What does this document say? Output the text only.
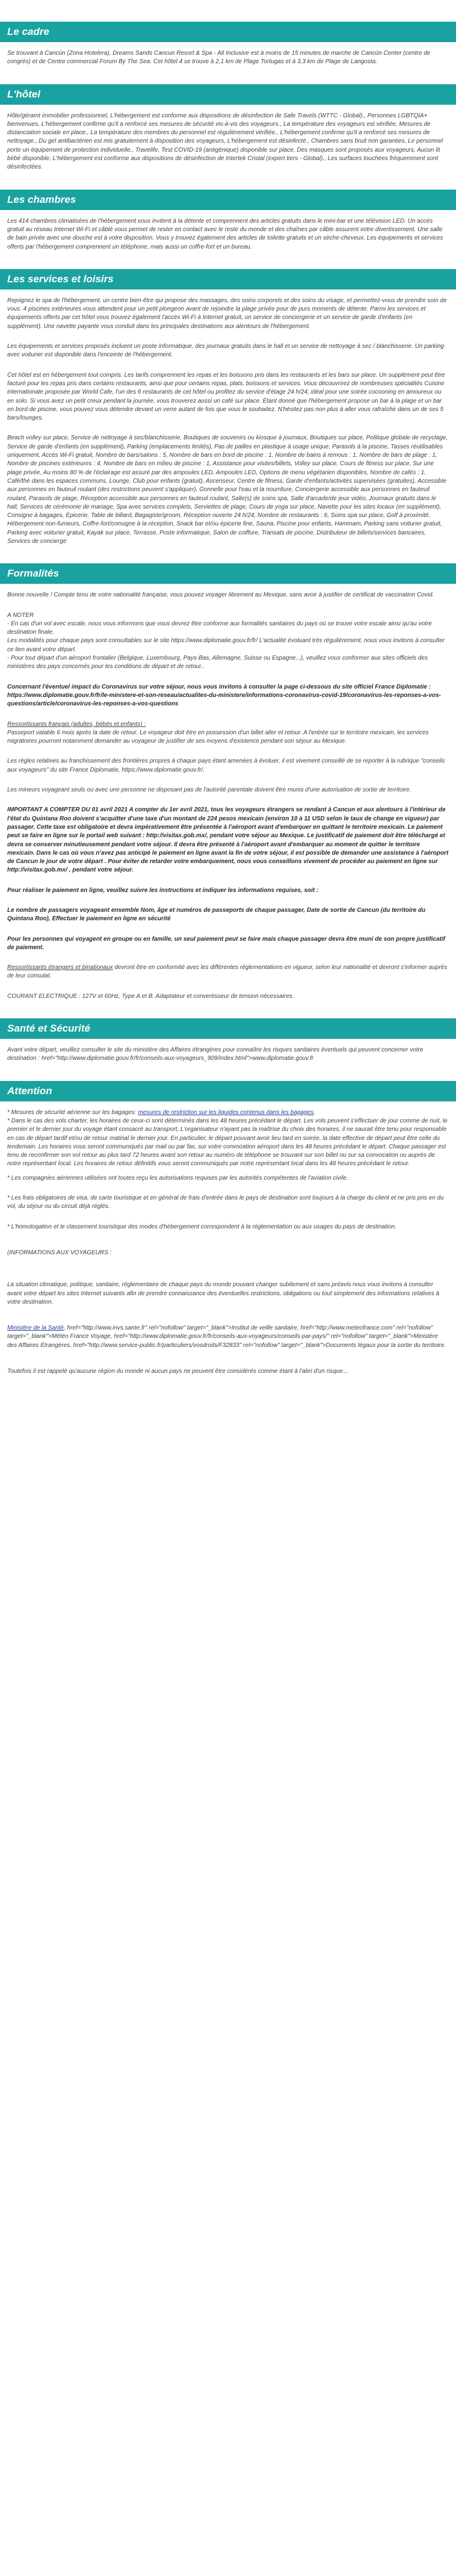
Le cadre
Se trouvant à Cancún (Zona Hotelera), Dreams Sands Cancun Resort & Spa - All Inclusive est à moins de 15 minutes de marche de Cancún Center (centre de congrès) et de Centre commercial Forum By The Sea. Cet hôtel 4 se trouve à 2,1 km de Plage Tortugas et à 3,3 km de Plage de Langosta.
L'hôtel
Hôte/géramt immobilier professionnel, L'hébergement est conforme aux dispositions de désinfection de Safe Travels (WTTC - Global)., Personnes LGBTQIA+ bienvenues, L'hébergement confirme qu'il a renforcé ses mesures de sécurité vis-à-vis des voyageurs., La température des voyageurs est vérifiée, Mesures de distanciation sociale en place., La température des membres du personnel est régulièrement vérifiée., L'hébergement confirme qu'il a renforcé ses mesures de nettoyage., Du gel antibactérien est mis gratuitement à disposition des voyageurs, L'hébergement est désinfecté., Chambres sans bruit non garanties, Le personnel porte un équipement de protection individuelle., Travelife, Test COVID-19 (antigénique) disponible sur place, Des masques sont proposés aux voyageurs, Aucun lit bébé disponible, L'hébergement est conforme aux dispositions de désinfection de Intertek Cristal (expert tiers - Global)., Les surfaces touchées fréquemment sont désinfectées.
Les chambres
Les 414 chambres climatisées de l'hébergement vous invitent à la détente et comprennent des articles gratuits dans le mini-bar et une télévision LED. Un accès gratuit au réseau Internet Wi-Fi et câblé vous permet de rester en contact avec le reste du monde et des chaînes par câble assurent votre divertissement. Une salle de bain privée avec une douche est à votre disposition. Vous y trouvez également des articles de toilette gratuits et un sèche-cheveux. Les équipements et services offerts par l'hébergement comprennent un téléphone, mais aussi un coffre-fort et un bureau.
Les services et loisirs
Rejoignez le spa de l'hébergement, un centre bien-être qui propose des massages, des soins corporels et des soins du visage, et permettez-vous de prendre soin de vous. 4 piscines extérieures vous attendent pour un petit plongeon avant de rejoindre la plage privée pour de purs moments de détente. Parmi les services et équipements offerts par cet hôtel vous trouvez également l'accès Wi-Fi à Internet gratuit, un service de conciergerie et un service de garde d'enfants (en supplément). Une navette payante vous conduit dans les principales destinations aux alentours de l'hébergement.
Les équipements et services proposés incluent un poste informatique, des journaux gratuits dans le hall et un service de nettoyage à sec / blanchisserie. Un parking avec voiturier est disponible dans l'enceinte de l'hébergement.
Cet hôtel est en hébergement tout compris. Les tarifs comprennent les repas et les boissons pris dans les restaurants et les bars sur place. Un supplément peut être facturé pour les repas pris dans certains restaurants, ainsi que pour certains repas, plats, boissons et services. Vous découvrirez de nombreuses spécialités Cuisine internationale proposée par World Cafe, l'un des 6 restaurants de cet hôtel ou profitez du service d'étage 24 h/24, idéal pour une soirée cocooning en amoureux ou en solo. Si vous avez un petit creux pendant la journée, vous trouverez aussi un café sur place. Étant donné que l'hébergement propose un bar à la plage et un bar en bord de piscine, vous pouvez vous détendre devant un verre autant de fois que vous le souhaitez. N'hésitez pas non plus à aller vous rafraîchir dans un de ses 5 bars/lounges.
Beach volley sur place, Service de nettoyage à sec/blanchisserie, Boutiques de souvenirs ou kiosque à journaux, Boutiques sur place, Politique globale de recyclage, Service de garde d'enfants (en supplément), Parking (emplacements limités), Pas de pailles en plastique à usage unique, Parasols à la piscine, Tasses réutilisables uniquement, Accès Wi-Fi gratuit, Nombre de bars/salons : 5, Nombre de bars en bord de piscine : 1, Nombre de bains à remous : 1, Nombre de bars de plage : 1, Nombre de piscines extérieures : 4, Nombre de bars en milieu de piscine : 1, Assistance pour visites/billets, Volley sur place, Cours de fitness sur place, Sur une plage privée, Au moins 80 % de l'éclairage est assuré par des ampoules LED, Ampoules LED, Options de menu végétarien disponibles, Nombre de cafés : 1, Café/thé dans les espaces communs, Lounge, Club pour enfants (gratuit), Ascenseur, Centre de fitness, Garde d'enfants/activités supervisées (gratuites), Accessible aux personnes en fauteuil roulant (des restrictions peuvent s'appliquer), Gonnelle pour l'eau et la nourriture, Conciergerie accessible aux personnes en fauteuil roulant, Parasols de plage, Réception accessible aux personnes en fauteuil roulant, Salle(s) de soins spa, Salle d'arcade/de jeux vidéo, Journaux gratuits dans le hall, Services de cérémonie de mariage, Spa avec services complets, Serviettes de plage, Cours de yoga sur place, Navette pour les sites locaux (en supplément), Consigne à bagages, Épicerie, Table de billard, Bagagiste/groom, Réception ouverte 24 h/24, Nombre de restaurants : 6, Soins spa sur place, Golf à proximité, Hébergement non-fumeurs, Coffre-fort/consigne à la réception, Snack bar et/ou épicerie fine, Sauna, Piscine pour enfants, Hammam, Parking sans voiturier gratuit, Parking avec voiturier gratuit, Kayak sur place, Terrasse, Poste informatique, Salon de coiffure, Transats de piscine, Distributeur de billets/services bancaires, Services de concierge
Formalités
Bonne nouvelle ! Compte tenu de votre nationalité française, vous pouvez voyager librement au Mexique, sans avoir à justifier de certificat de vaccination Covid.
A NOTER
- En cas d'un vol avec escale, nous vous informons que vous devrez être conforme aux formalités sanitaires du pays où se trouve votre escale ainsi qu'au votre destination finale.
Les modalités pour chaque pays sont consultables sur le site https://www.diplomatie.gouv.fr/fr/ L'actualité évoluant très régulièrement, nous vous invitons à consulter ce lien avant votre départ.
- Pour tout départ d'un aéroport frontalier (Belgique, Luxembourg, Pays-Bas, Allemagne, Suisse ou Espagne...), veuillez vous conformer aux sites officiels des ministères des pays concernés pour les conditions de départ et de retour..
Concernant l'éventuel impact du Coronavirus sur votre séjour, nous vous invitons à consulter la page ci-dessous du site officiel France Diplomatie : https://www.diplomatie.gouv.fr/fr/le-ministere-et-son-reseau/actualites-du-ministere/informations-coronavirus-covid-19/coronavirus-les-reponses-a-vos-questions/article/coronavirus-les-reponses-a-vos-questions
Ressortissants français (adultes, bébés et enfants) :
Passeport valable 6 mois après la date de retour. Le voyageur doit être en possession d'un billet aller et retour. A l'entrée sur le territoire mexicain, les services migratoires pourront notamment demander au voyageur de justifier de ses moyens d'existence pendant son séjour au Mexique.
Les règles relatives au franchissement des frontières propres à chaque pays étant amenées à évoluer, il est vivement conseillé de se reporter à la rubrique "conseils aux voyageurs" du site France Diplomatie, https://www.diplomatie.gouv.fr/.
Les mineurs voyageant seuls ou avec une personne ne disposant pas de l'autorité parentale doivent être munis d'une autorisation de sortie de territoire.
IMPORTANT A COMPTER DU 01 avril 2021 A compter du 1er avril 2021, tous les voyageurs étrangers se rendant à Cancun et aux alentours à l'intérieur de l'état du Quintana Roo doivent s'acquitter d'une taxe d'un montant de 224 pesos mexicain (environ 10 à 11 USD selon le taux de change en vigueur) par passager. Cette taxe est obligatoire et devra impérativement être présentée à l'aéroport avant d'embarquer en quittant le territoire mexicain. Le paiement peut se faire en ligne sur le portail web suivant : http://visitax.gob.mx/, pendant votre séjour au Mexique. Le justificatif de paiement doit être téléchargé et devra se conserver minutieusement pendant votre séjour. Il devra être présenté à l'aéroport avant d'embarquer au moment de quitter le territoire mexicain. Dans le cas où vous n'avez pas anticipé le paiement en ligne avant la fin de votre séjour, il est possible de demander une assistance à l'aéroport de Cancun le jour de votre départ . Pour éviter de retarder votre embarquement, nous vous conseillons vivement de procéder au paiement en ligne sur http://visitax.gob.mx/ , pendant votre séjour.
Pour réaliser le paiement en ligne, veuillez suivre les instructions et indiquer les informations requises, soit :
Le nombre de passagers voyageant ensemble Nom, âge et numéros de passeports de chaque passager, Date de sortie de Cancun (du territoire du Quintana Roo), Effectuer le paiement en ligne en sécurité
Pour les personnes qui voyagent en groupe ou en famille, un seul paiement peut se faire mais chaque passager devra être muni de son propre justificatif de paiement.
Ressortissants étrangers et binationaux devront être en conformité avec les différentes réglementations en vigueur, selon leur nationalité et devront s'informer auprès de leur consulat.
COURANT ELECTRIQUE : 127V et 60Hz, Type A et B. Adaptateur et convertisseur de tension nécessaires.
Santé et Sécurité
Avant votre départ, veuillez consulter le site du ministère des Affaires étrangères pour connaître les risques sanitaires éventuels qui peuvent concerner votre destination : href="http://www.diplomatie.gouv.fr/fr/conseils-aux-voyageurs_909/index.html">www.diplomatie.gouv.fr
Attention
* Mesures de sécurité aérienne sur les bagages: mesures de restriction sur les liquides contenus dans les bagages.
* Dans le cas des vols charter, les horaires de ceux-ci sont déterminés dans les 48 heures précédant le départ. Les vols peuvent s'effectuer de jour comme de nuit, le premier et le dernier jour du voyage étant consacré au transport, L'organisateur n'ayant pas la maîtrise du choix des horaires, il ne saurait être tenu pour responsable en cas de départ tardif et/ou de retour matinal le dernier jour. En particulier, le départ pouvant avoir lieu tard en soirée, la date effective de départ peut être celle du lendemain. Les horaires vous seront communiqués par mail ou par fax, sur votre convocation aéroport dans les 48 heures précédant le départ. Chaque passager est tenu de reconfirmer son vol retour au plus tard 72 heures avant son retour au numéro de téléphone se trouvant sur son billet ou sur sa convocation ou auprès de notre représentant local. Les horaires de retour définitifs vous seront communiqués par notre représentant local dans les 48 heures précédant le retour.
* Les compagnies aériennes utilisées ont toutes reçu les autorisations requises par les autorités compétentes de l'aviation civile.
* Les frais obligatoires de visa, de carte touristique et en général de frais d'entrée dans le pays de destination sont toujours à la charge du client et ne pris pris en du vol, du séjour ou du circuit déjà réglés.
* L'homologation et le classement touristique des modes d'hébergement correspondent à la réglementation ou aux usages du pays de destination.
(INFORMATIONS AUX VOYAGEURS :
La situation climatique, politique, sanitaire, réglementaire de chaque pays du monde pouvant changer subitement et sans préavis nous vous invitons à consulter avant votre départ les sites Internet suivants afin de prendre connaissance des éventuelles restrictions, obligations ou tout simplement des informations relatives à votre destination.
Ministère de la Santé, href="http://www.invs.sante.fr" rel="nofollow" target="_blank">Institut de veille sanitaire, href="http://www.meteofrance.com" rel="nofollow" target="_blank">Météo France Voyage, href="http://www.diplomatie.gouv.fr/fr/conseils-aux-voyageurs/conseils-par-pays/" rel="nofollow" target="_blank">Ministère des Affaires Étrangères, href="http://www.service-public.fr/particuliers/vosdroits/F32833" rel="nofollow" target="_blank">Documents légaux pour la sortie du territoire.
Toutefois il est rappelé qu'aucune région du monde ni aucun pays ne peuvent être considérés comme étant à l'abri d'un risque...
